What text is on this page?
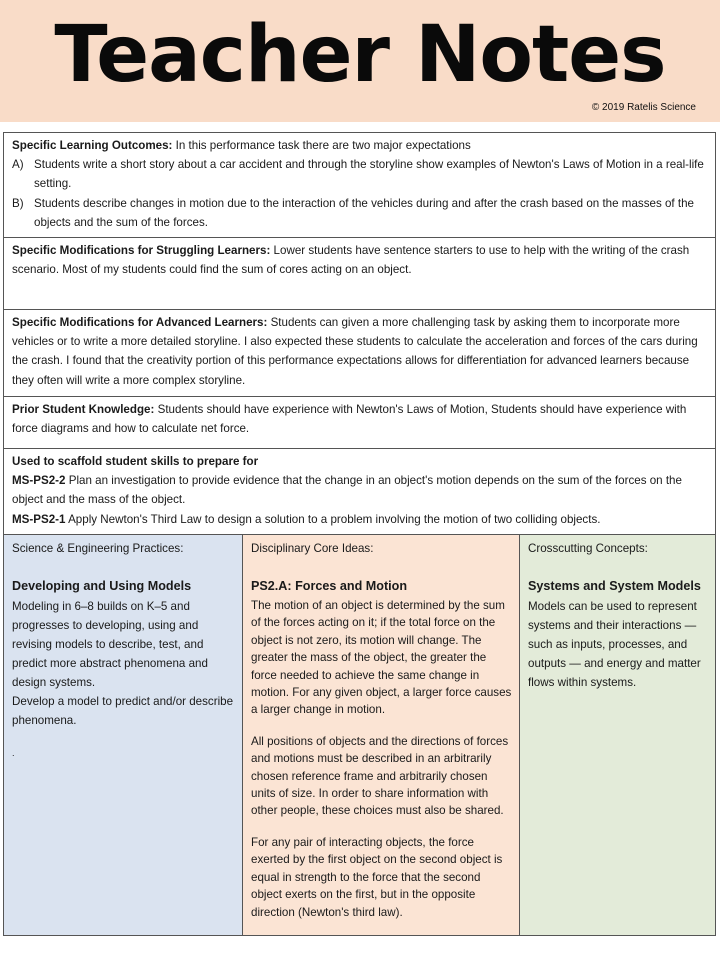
Teacher Notes
© 2019 Ratelis Science
Specific Learning Outcomes: In this performance task there are two major expectations
A) Students write a short story about a car accident and through the storyline show examples of Newton's Laws of Motion in a real-life setting.
B) Students describe changes in motion due to the interaction of the vehicles during and after the crash based on the masses of the objects and the sum of the forces.
Specific Modifications for Struggling Learners: Lower students have sentence starters to use to help with the writing of the crash scenario. Most of my students could find the sum of cores acting on an object.
Specific Modifications for Advanced Learners: Students can given a more challenging task by asking them to incorporate more vehicles or to write a more detailed storyline. I also expected these students to calculate the acceleration and forces of the cars during the crash. I found that the creativity portion of this performance expectations allows for differentiation for advanced learners because they often will write a more complex storyline.
Prior Student Knowledge: Students should have experience with Newton's Laws of Motion, Students should have experience with force diagrams and how to calculate net force.
Used to scaffold student skills to prepare for
MS-PS2-2 Plan an investigation to provide evidence that the change in an object's motion depends on the sum of the forces on the object and the mass of the object.
MS-PS2-1 Apply Newton's Third Law to design a solution to a problem involving the motion of two colliding objects.
Science & Engineering Practices:
Developing and Using Models
Modeling in 6–8 builds on K–5 and progresses to developing, using and revising models to describe, test, and predict more abstract phenomena and design systems.
Develop a model to predict and/or describe phenomena.
.
Disciplinary Core Ideas:
PS2.A: Forces and Motion
The motion of an object is determined by the sum of the forces acting on it; if the total force on the object is not zero, its motion will change. The greater the mass of the object, the greater the force needed to achieve the same change in motion. For any given object, a larger force causes a larger change in motion.
All positions of objects and the directions of forces and motions must be described in an arbitrarily chosen reference frame and arbitrarily chosen units of size. In order to share information with other people, these choices must also be shared.
For any pair of interacting objects, the force exerted by the first object on the second object is equal in strength to the force that the second object exerts on the first, but in the opposite direction (Newton's third law).
Crosscutting Concepts:
Systems and System Models
Models can be used to represent systems and their interactions — such as inputs, processes, and outputs — and energy and matter flows within systems.
